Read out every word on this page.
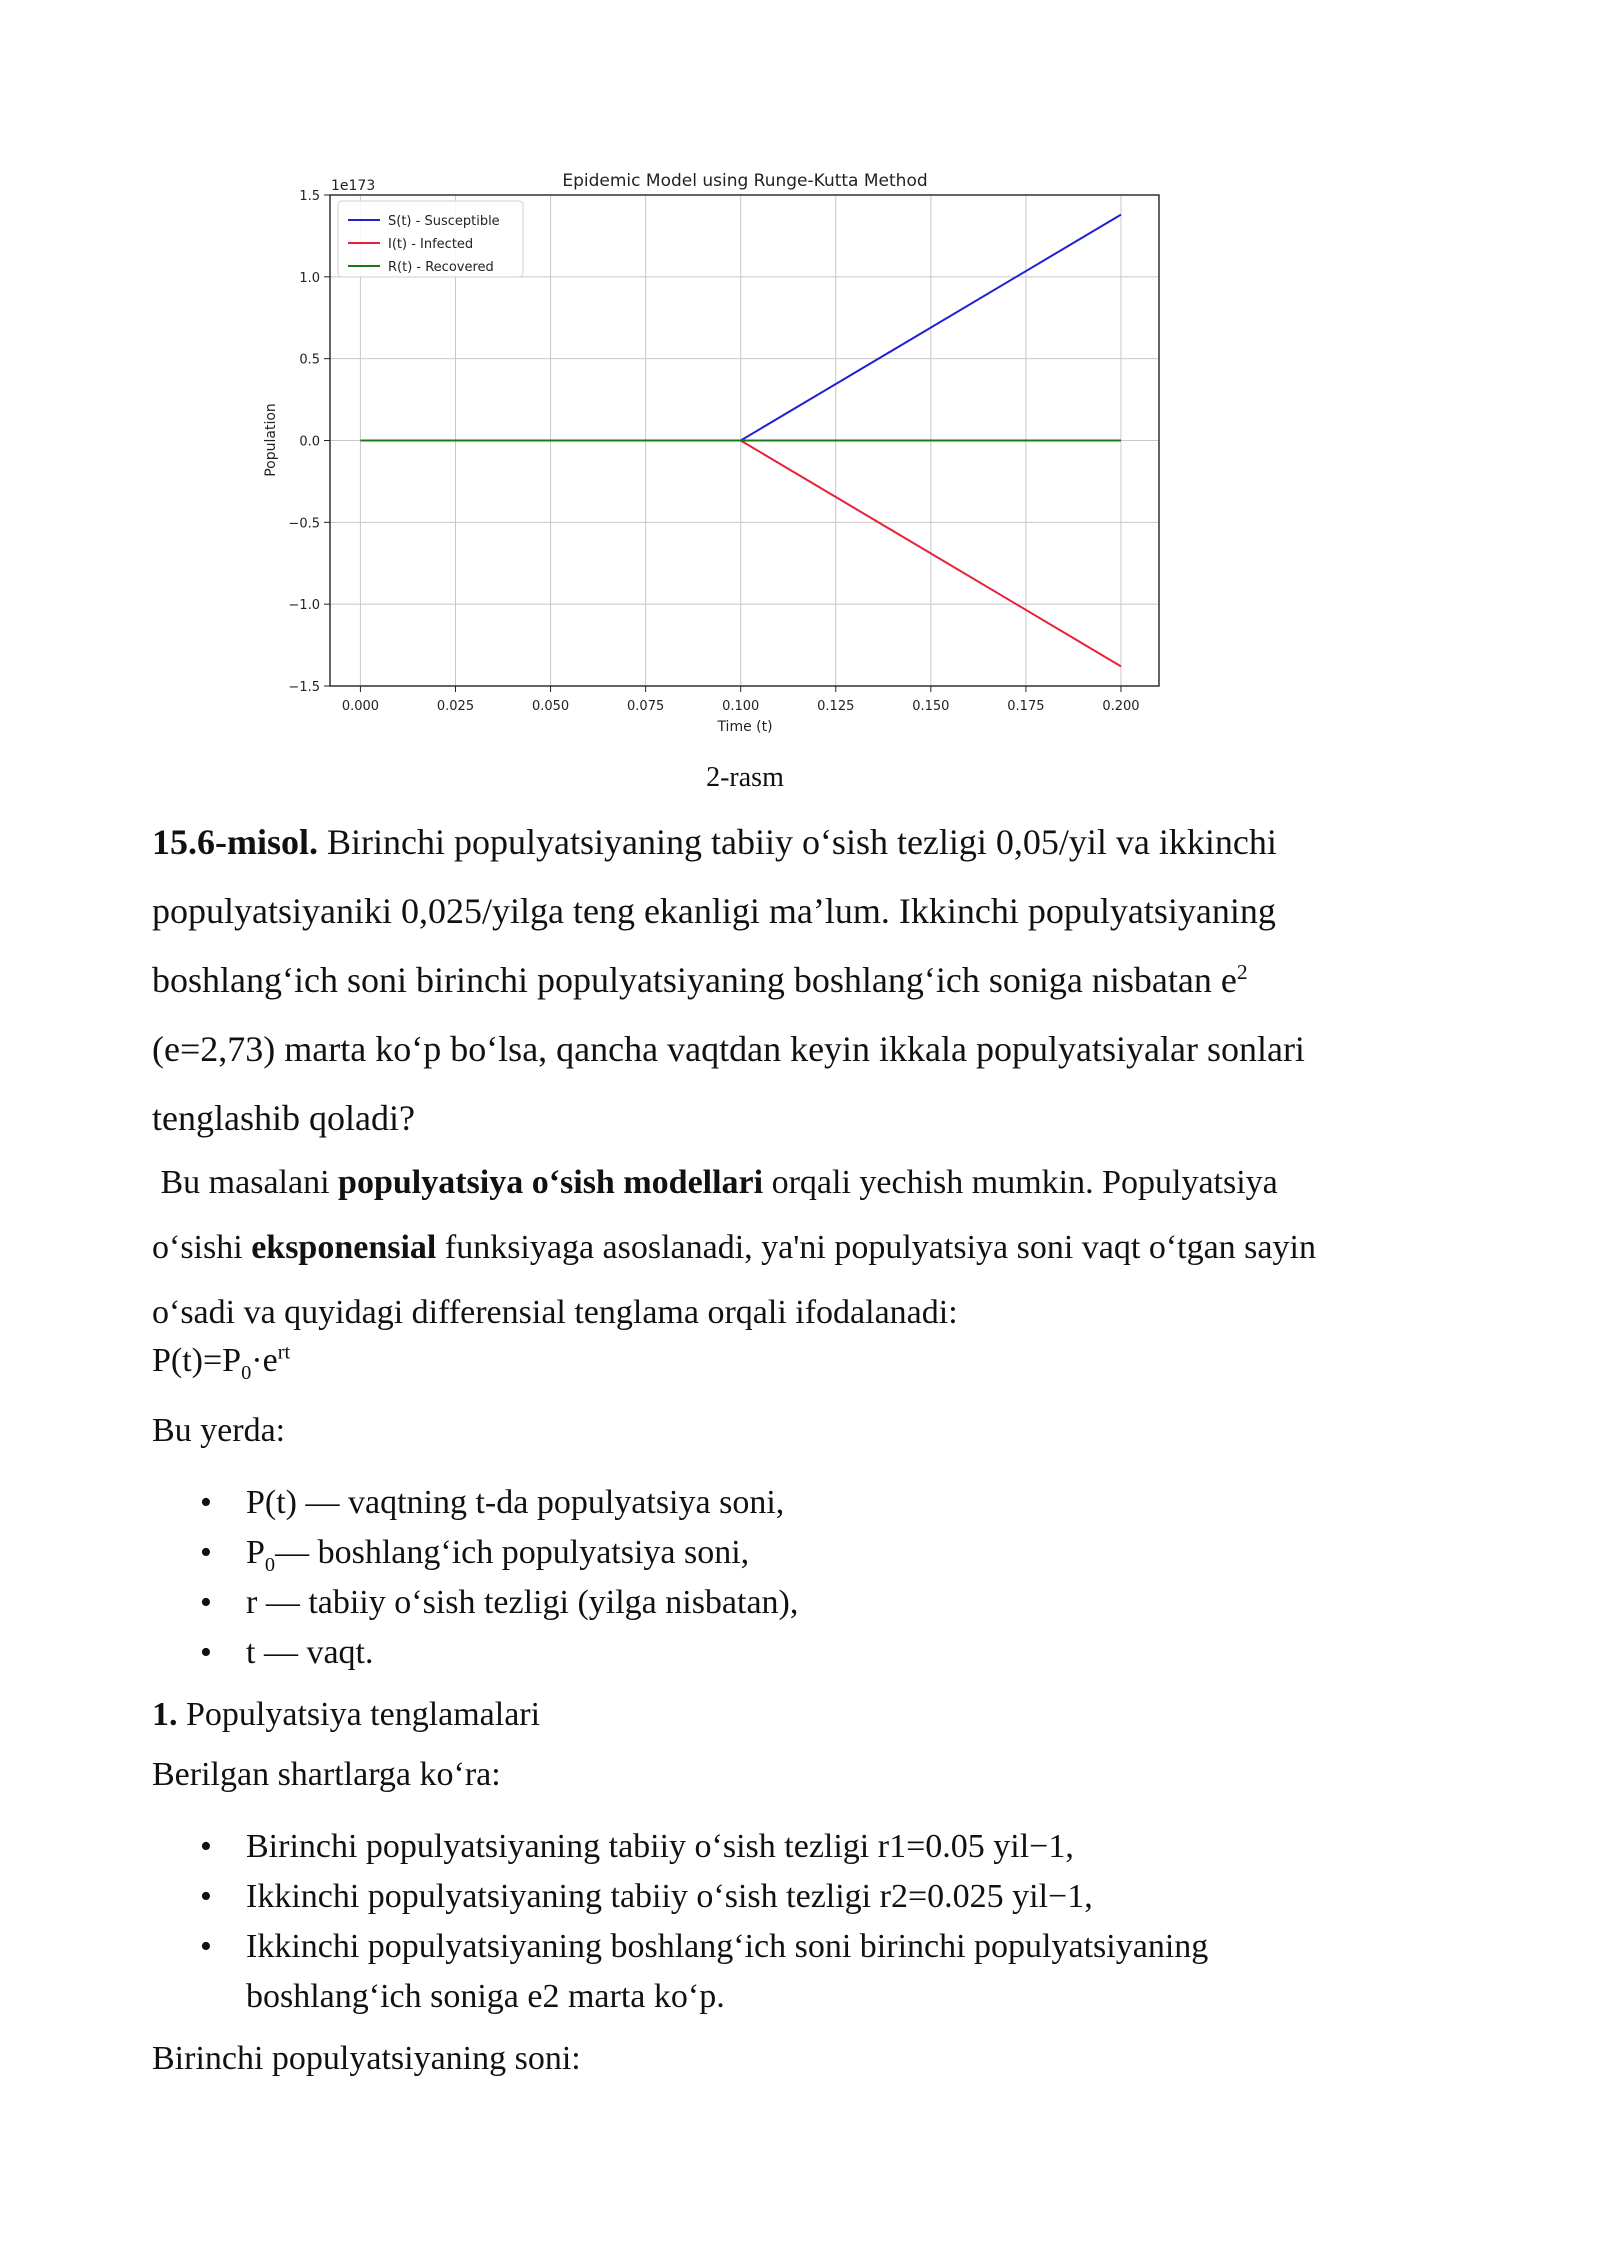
0.000	0.025	0.050	0.075	0.100	0.125	0.150	0.175	0.200
1.5
1.0
0.5
0.0
−0.5
−1.0
−1.5
Epidemic Model using Runge-Kutta Method
1e173
Time (t)
Population
S(t) - Susceptible
I(t) - Infected
R(t) - Recovered
2-rasm
15.6-misol. Birinchi populyatsiyaning tabiiy o‘sish tezligi 0,05/yil va ikkinchi
populyatsiyaniki 0,025/yilga teng ekanligi ma’lum. Ikkinchi populyatsiyaning
boshlang‘ich soni birinchi populyatsiyaning boshlang‘ich soniga nisbatan $e^2$
(e=2,73) marta ko‘p bo‘lsa, qancha vaqtdan keyin ikkala populyatsiyalar sonlari
tenglashib qoladi?
Bu masalani populyatsiya o‘sish modellari orqali yechish mumkin. Populyatsiya
o‘sishi eksponensial funksiyaga asoslanadi, ya'ni populyatsiya soni vaqt o‘tgan sayin
o‘sadi va quyidagi differensial tenglama orqali ifodalanadi:
$P(t)=P_0\cdot e^{rt}$
Bu yerda:
• P(t) — vaqtning t-da populyatsiya soni,
• $P_0—$ boshlang‘ich populyatsiya soni,
• r — tabiiy o‘sish tezligi (yilga nisbatan),
• t — vaqt.
1. Populyatsiya tenglamalari
Berilgan shartlarga ko‘ra:
• Birinchi populyatsiyaning tabiiy o‘sish tezligi r1=0.05 yil−1,
• Ikkinchi populyatsiyaning tabiiy o‘sish tezligi r2=0.025 yil−1,
• Ikkinchi populyatsiyaning boshlang‘ich soni birinchi populyatsiyaning boshlang‘ich soniga e2 marta ko‘p.
Birinchi populyatsiyaning soni:
